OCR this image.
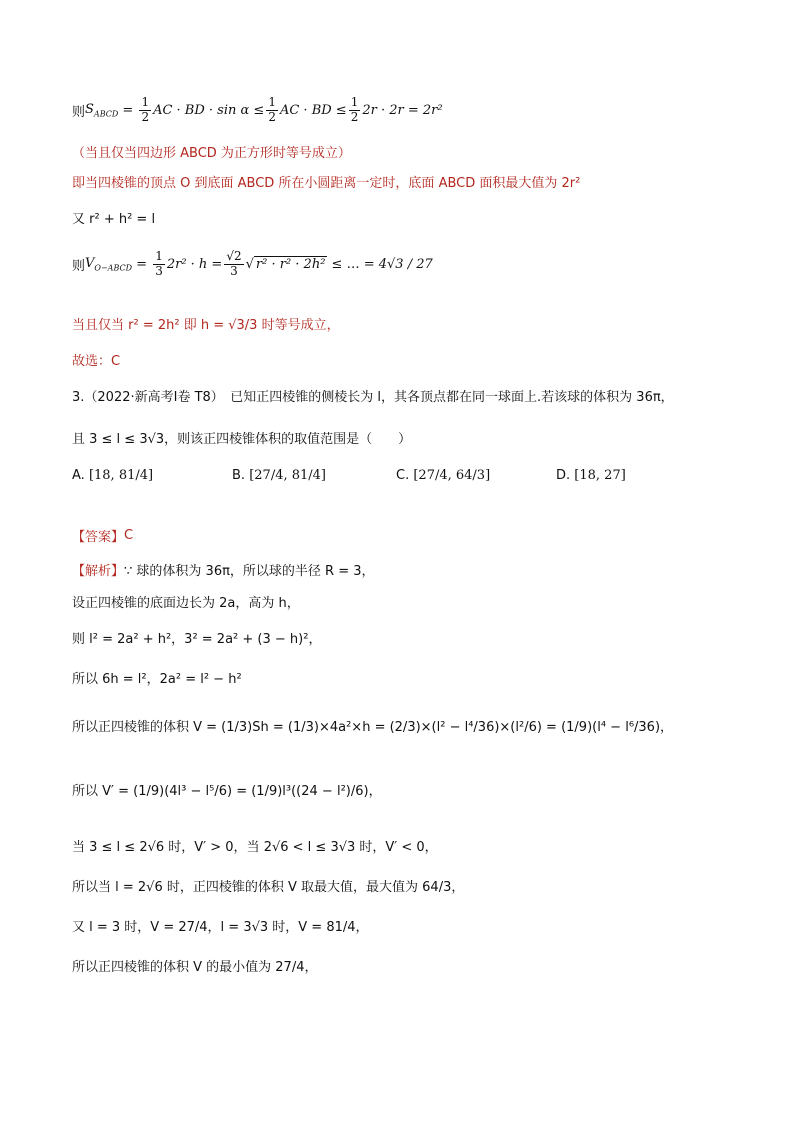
则 $S_{ABCD} = \frac{1}{2}$ AC · BD · $\sin \alpha \le \frac{1}{2}$ AC · BD ≤ $\frac{1}{2} 2r \cdot 2r = 2r^2$
（当且仅当四边形 ABCD 为正方形时等号成立）
即当四棱锥的顶点 O 到底面 ABCD 所在小圆距离一定时，底面 ABCD 面积最大值为 2r²
又 r² + h² = l
则 $V_{O-ABCD} = \frac{1}{3} 2r^2 \cdot h = \frac{√2}{3}$ √ r² · r² · 2h² ≤ … = 4√3 / 27
当且仅当 r² = 2h² 即 h = √3/3 时等号成立，
故选：C
3.（2022·新高考Ⅰ卷 T8）　已知正四棱锥的侧棱长为 l，其各顶点都在同一球面上.若该球的体积为 36π，
且 3 ≤ l ≤ 3√3，则该正四棱锥体积的取值范围是（　　）
A.
[18, 81/4]	B.
[27/4, 81/4]	C.
[27/4, 64/3]	D.
[18, 27]
【答案】 C
【解析】 ∵ 球的体积为 36π，所以球的半径 R = 3，
设正四棱锥的底面边长为 2a，高为 h，
则 l² = 2a² + h²，3² = 2a² + (3 − h)²，
所以 6h = l²，2a² = l² − h²
所以正四棱锥的体积 V = (1/3)Sh = (1/3)×4a²×h = (2/3)×(l² − l⁴/36)×(l²/6) = (1/9)(l⁴ − l⁶/36)，
所以 V′ = (1/9)(4l³ − l⁵/6) = (1/9)l³((24 − l²)/6)，
当 3 ≤ l ≤ 2√6 时，V′ > 0，当 2√6 < l ≤ 3√3 时，V′ < 0，
所以当 l = 2√6 时，正四棱锥的体积 V 取最大值，最大值为 64/3，
又 l = 3 时，V = 27/4，l = 3√3 时，V = 81/4，
所以正四棱锥的体积 V 的最小值为 27/4，
